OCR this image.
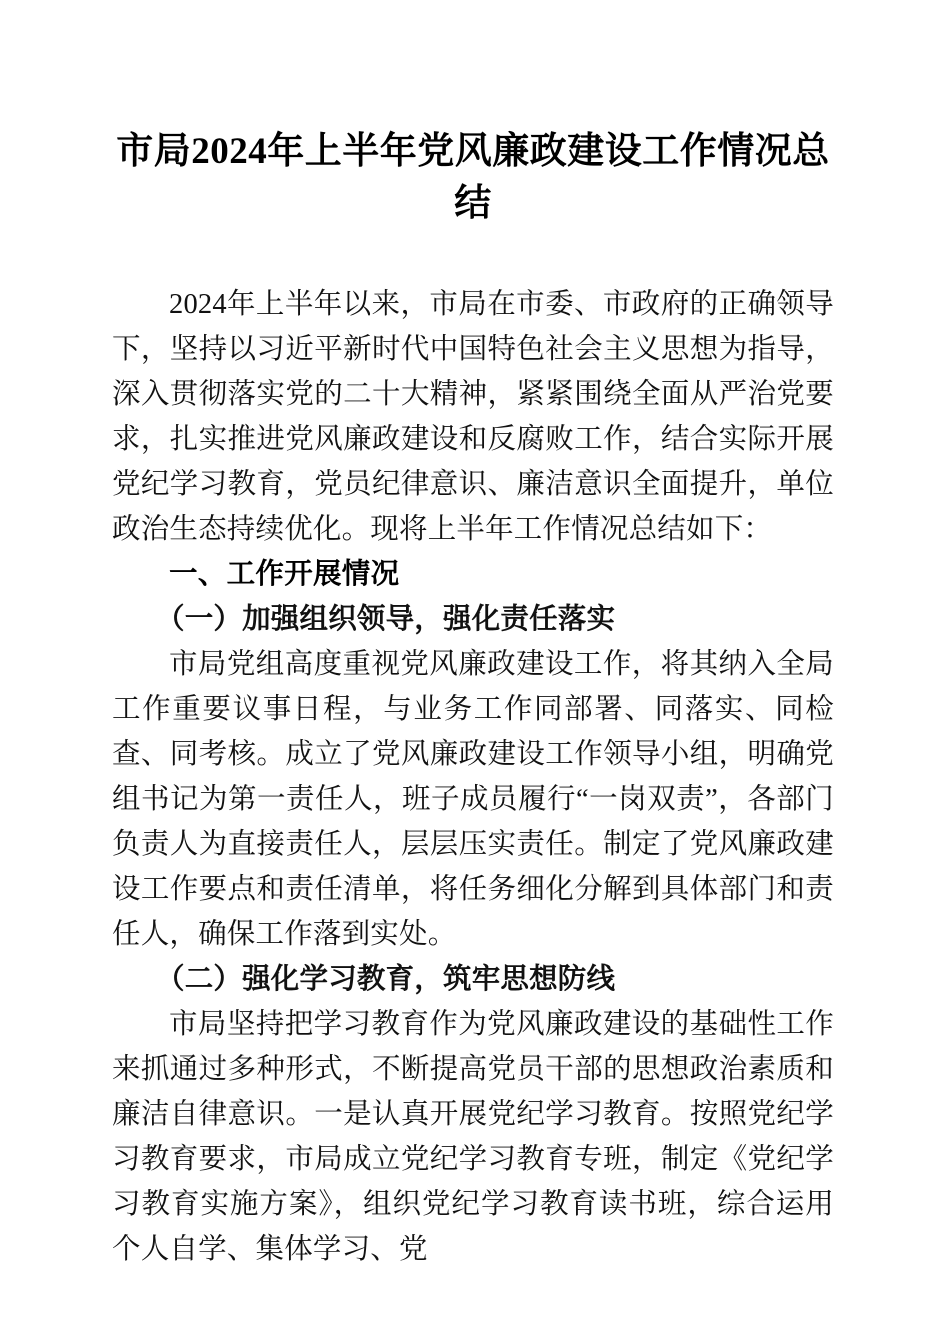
市局2024年上半年党风廉政建设工作情况总结

2024年上半年以来，市局在市委、市政府的正确领导下，坚持以习近平新时代中国特色社会主义思想为指导，深入贯彻落实党的二十大精神，紧紧围绕全面从严治党要求，扎实推进党风廉政建设和反腐败工作，结合实际开展党纪学习教育，党员纪律意识、廉洁意识全面提升，单位政治生态持续优化。现将上半年工作情况总结如下：

一、工作开展情况
（一）加强组织领导，强化责任落实

市局党组高度重视党风廉政建设工作，将其纳入全局工作重要议事日程，与业务工作同部署、同落实、同检查、同考核。成立了党风廉政建设工作领导小组，明确党组书记为第一责任人，班子成员履行“一岗双责”，各部门负责人为直接责任人，层层压实责任。制定了党风廉政建设工作要点和责任清单，将任务细化分解到具体部门和责任人，确保工作落到实处。

（二）强化学习教育，筑牢思想防线

市局坚持把学习教育作为党风廉政建设的基础性工作来抓通过多种形式，不断提高党员干部的思想政治素质和廉洁自律意识。一是认真开展党纪学习教育。按照党纪学习教育要求，市局成立党纪学习教育专班，制定《党纪学习教育实施方案》，组织党纪学习教育读书班，综合运用个人自学、集体学习、党
